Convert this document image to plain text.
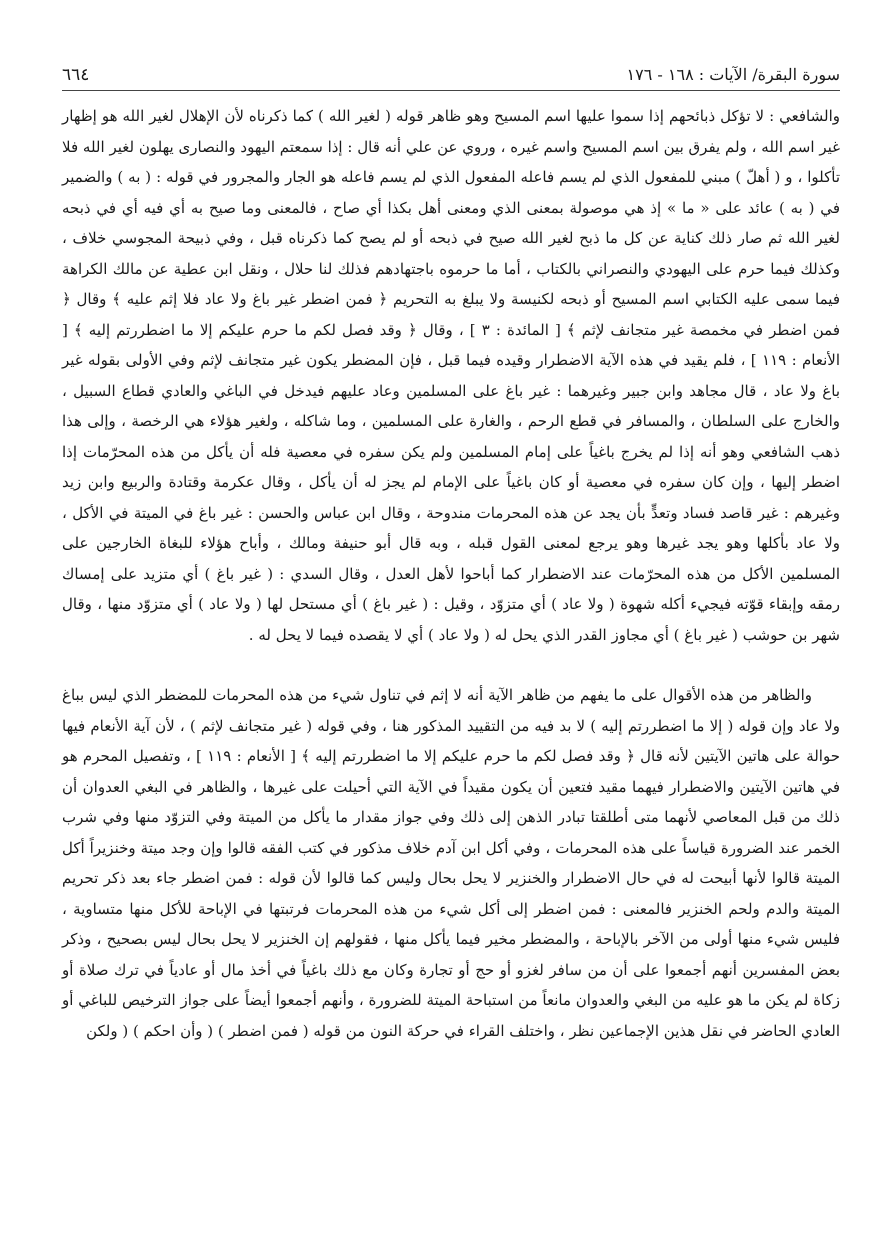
سورة البقرة/ الآيات : ١٦٨ - ١٧٦
٦٦٤

والشافعي : لا تؤكل ذبائحهم إذا سموا عليها اسم المسيح وهو ظاهر قوله ( لغير الله ) كما ذكرناه لأن الإهلال لغير الله هو إظهار غير اسم الله ، ولم يفرق بين اسم المسيح واسم غيره ، وروي عن علي أنه قال : إذا سمعتم اليهود والنصارى يهلون لغير الله فلا تأكلوا ، و ( أهلّ ) مبني للمفعول الذي لم يسم فاعله المفعول الذي لم يسم فاعله هو الجار والمجرور في قوله : ( به ) والضمير في ( به ) عائد على « ما » إذ هي موصولة بمعنى الذي ومعنى أهل بكذا أي صاح ، فالمعنى وما صيح به أي فيه أي في ذبحه لغير الله ثم صار ذلك كناية عن كل ما ذبح لغير الله صيح في ذبحه أو لم يصح كما ذكرناه قبل ، وفي ذبيحة المجوسي خلاف ، وكذلك فيما حرم على اليهودي والنصراني بالكتاب ، أما ما حرموه باجتهادهم فذلك لنا حلال ، ونقل ابن عطية عن مالك الكراهة فيما سمى عليه الكتابي اسم المسيح أو ذبحه لكنيسة ولا يبلغ به التحريم ﴿ فمن اضطر غير باغ ولا عاد فلا إثم عليه ﴾ وقال ﴿ فمن اضطر في مخمصة غير متجانف لإثم ﴾ [ المائدة : ٣ ] ، وقال ﴿ وقد فصل لكم ما حرم عليكم إلا ما اضطررتم إليه ﴾ [ الأنعام : ١١٩ ] ، فلم يقيد في هذه الآية الاضطرار وقيده فيما قبل ، فإن المضطر يكون غير متجانف لإثم وفي الأولى بقوله غير باغ ولا عاد ، قال مجاهد وابن جبير وغيرهما : غير باغ على المسلمين وعاد عليهم فيدخل في الباغي والعادي قطاع السبيل ، والخارج على السلطان ، والمسافر في قطع الرحم ، والغارة على المسلمين ، وما شاكله ، ولغير هؤلاء هي الرخصة ، وإلى هذا ذهب الشافعي وهو أنه إذا لم يخرج باغياً على إمام المسلمين ولم يكن سفره في معصية فله أن يأكل من هذه المحرّمات إذا اضطر إليها ، وإن كان سفره في معصية أو كان باغياً على الإمام لم يجز له أن يأكل ، وقال عكرمة وقتادة والربيع وابن زيد وغيرهم : غير قاصد فساد وتعدٍّ بأن يجد عن هذه المحرمات مندوحة ، وقال ابن عباس والحسن : غير باغ في الميتة في الأكل ، ولا عاد بأكلها وهو يجد غيرها وهو يرجع لمعنى القول قبله ، وبه قال أبو حنيفة ومالك ، وأباح هؤلاء للبغاة الخارجين على المسلمين الأكل من هذه المحرّمات عند الاضطرار كما أباحوا لأهل العدل ، وقال السدي : ( غير باغ ) أي متزيد على إمساك رمقه وإبقاء قوّته فيجيء أكله شهوة ( ولا عاد ) أي متزوّد ، وقيل : ( غير باغ ) أي مستحل لها ( ولا عاد ) أي متزوّد منها ، وقال شهر بن حوشب ( غير باغ ) أي مجاوز القدر الذي يحل له ( ولا عاد ) أي لا يقصده فيما لا يحل له .

والظاهر من هذه الأقوال على ما يفهم من ظاهر الآية أنه لا إثم في تناول شيء من هذه المحرمات للمضطر الذي ليس بباغ ولا عاد وإن قوله ( إلا ما اضطررتم إليه ) لا بد فيه من التقييد المذكور هنا ، وفي قوله ( غير متجانف لإثم ) ، لأن آية الأنعام فيها حوالة على هاتين الآيتين لأنه قال ﴿ وقد فصل لكم ما حرم عليكم إلا ما اضطررتم إليه ﴾ [ الأنعام : ١١٩ ] ، وتفصيل المحرم هو في هاتين الآيتين والاضطرار فيهما مقيد فتعين أن يكون مقيداً في الآية التي أحيلت على غيرها ، والظاهر في البغي العدوان أن ذلك من قبل المعاصي لأنهما متى أطلقتا تبادر الذهن إلى ذلك وفي جواز مقدار ما يأكل من الميتة وفي التزوّد منها وفي شرب الخمر عند الضرورة قياساً على هذه المحرمات ، وفي أكل ابن آدم خلاف مذكور في كتب الفقه قالوا وإن وجد ميتة وخنزيراً أكل الميتة قالوا لأنها أبيحت له في حال الاضطرار والخنزير لا يحل بحال وليس كما قالوا لأن قوله : فمن اضطر جاء بعد ذكر تحريم الميتة والدم ولحم الخنزير فالمعنى : فمن اضطر إلى أكل شيء من هذه المحرمات فرتبتها في الإباحة للأكل منها متساوية ، فليس شيء منها أولى من الآخر بالإباحة ، والمضطر مخير فيما يأكل منها ، فقولهم إن الخنزير لا يحل بحال ليس بصحيح ، وذكر بعض المفسرين أنهم أجمعوا على أن من سافر لغزو أو حج أو تجارة وكان مع ذلك باغياً في أخذ مال أو عادياً في ترك صلاة أو زكاة لم يكن ما هو عليه من البغي والعدوان مانعاً من استباحة الميتة للضرورة ، وأنهم أجمعوا أيضاً على جواز الترخيص للباغي أو العادي الحاضر في نقل هذين الإجماعين نظر ، واختلف القراء في حركة النون من قوله ( فمن اضطر ) ( وأن احكم ) ( ولكن
